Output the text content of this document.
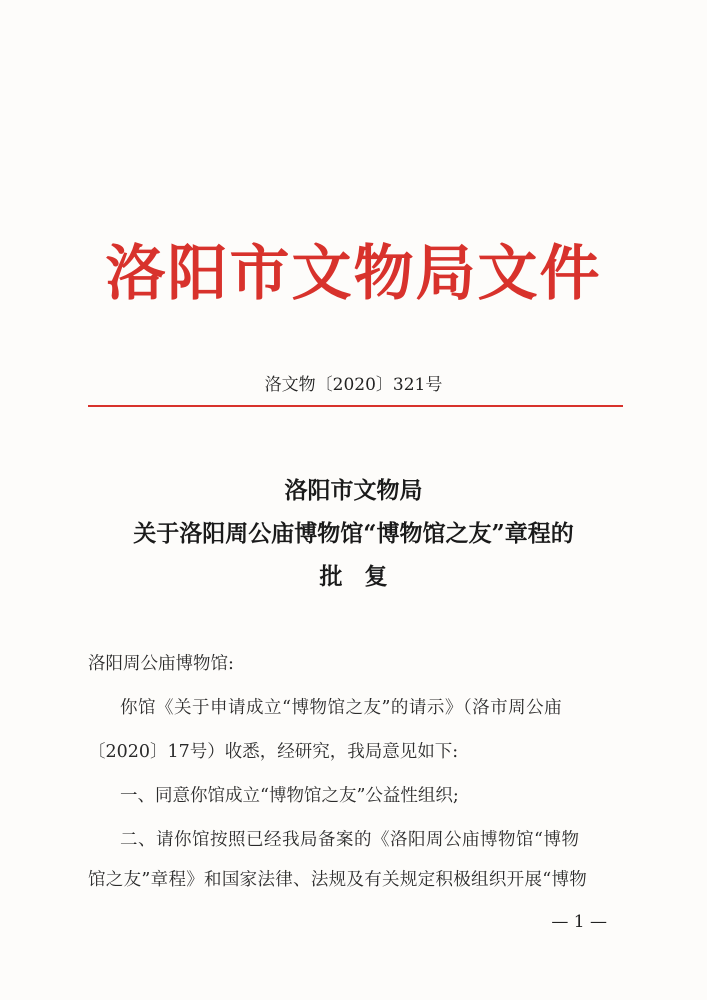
洛阳市文物局文件
洛文物〔2020〕321号
洛阳市文物局
关于洛阳周公庙博物馆“博物馆之友”章程的
批复
洛阳周公庙博物馆:
你馆《关于申请成立“博物馆之友”的请示》（洛市周公庙
〔2020〕17号）收悉，经研究，我局意见如下:
一、同意你馆成立“博物馆之友”公益性组织;
二、请你馆按照已经我局备案的《洛阳周公庙博物馆“博物
馆之友”章程》和国家法律、法规及有关规定积极组织开展“博物
— 1 —
